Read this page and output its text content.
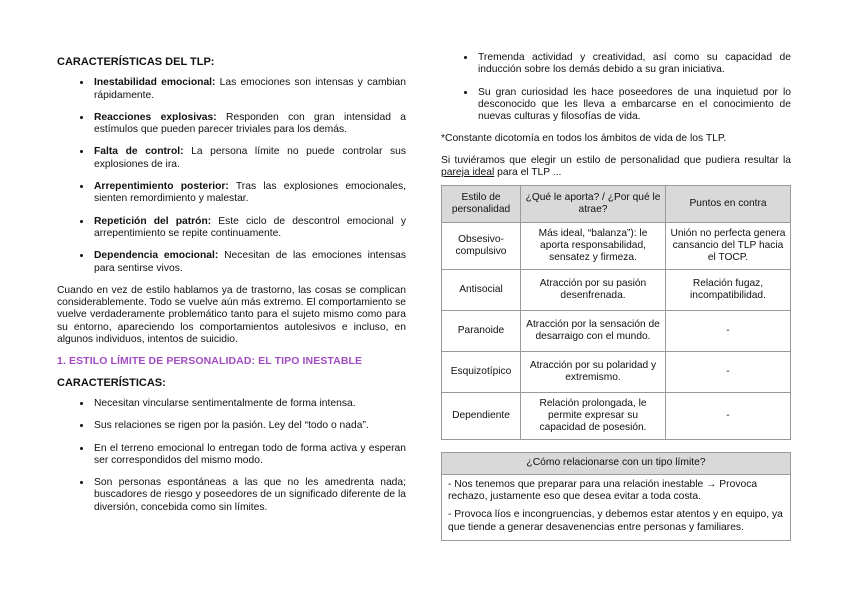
CARACTERÍSTICAS DEL TLP:
• Inestabilidad emocional: Las emociones son intensas y cambian rápidamente.
• Reacciones explosivas: Responden con gran intensidad a estímulos que pueden parecer triviales para los demás.
• Falta de control: La persona límite no puede controlar sus explosiones de ira.
• Arrepentimiento posterior: Tras las explosiones emocionales, sienten remordimiento y malestar.
• Repetición del patrón: Este ciclo de descontrol emocional y arrepentimiento se repite continuamente.
• Dependencia emocional: Necesitan de las emociones intensas para sentirse vivos.

Cuando en vez de estilo hablamos ya de trastorno, las cosas se complican considerablemente. Todo se vuelve aún más extremo. El comportamiento se vuelve verdaderamente problemático tanto para el sujeto mismo como para su entorno, apareciendo los comportamientos autolesivos e incluso, en algunos individuos, intentos de suicidio.

1. ESTILO LÍMITE DE PERSONALIDAD: EL TIPO INESTABLE
CARACTERÍSTICAS:
• Necesitan vincularse sentimentalmente de forma intensa.
• Sus relaciones se rigen por la pasión. Ley del “todo o nada”.
• En el terreno emocional lo entregan todo de forma activa y esperan ser correspondidos del mismo modo.
• Son personas espontáneas a las que no les amedrenta nada; buscadores de riesgo y poseedores de un significado diferente de la diversión, concebida como sin límites.
• Tremenda actividad y creatividad, así como su capacidad de inducción sobre los demás debido a su gran iniciativa.
• Su gran curiosidad les hace poseedores de una inquietud por lo desconocido que les lleva a embarcarse en el conocimiento de nuevas culturas y filosofías de vida.

*Constante dicotomía en todos los ámbitos de vida de los TLP.

Si tuviéramos que elegir un estilo de personalidad que pudiera resultar la pareja ideal para el TLP ...

Estilo de personalidad	¿Qué le aporta? / ¿Por qué le atrae?	Puntos en contra
Obsesivo-compulsivo	Más ideal, “balanza”): le aporta responsabilidad, sensatez y firmeza.	Unión no perfecta genera cansancio del TLP hacia el TOCP.
Antisocial	Atracción por su pasión desenfrenada.	Relación fugaz, incompatibilidad.
Paranoide	Atracción por la sensación de desarraigo con el mundo.	-
Esquizotípico	Atracción por su polaridad y extremismo.	-
Dependiente	Relación prolongada, le permite expresar su capacidad de posesión.	-
¿Cómo relacionarse con un tipo límite?

- Nos tenemos que preparar para una relación inestable → Provoca rechazo, justamente eso que desea evitar a toda costa.

- Provoca líos e incongruencias, y debemos estar atentos y en equipo, ya que tiende a generar desavenencias entre personas y familiares.
